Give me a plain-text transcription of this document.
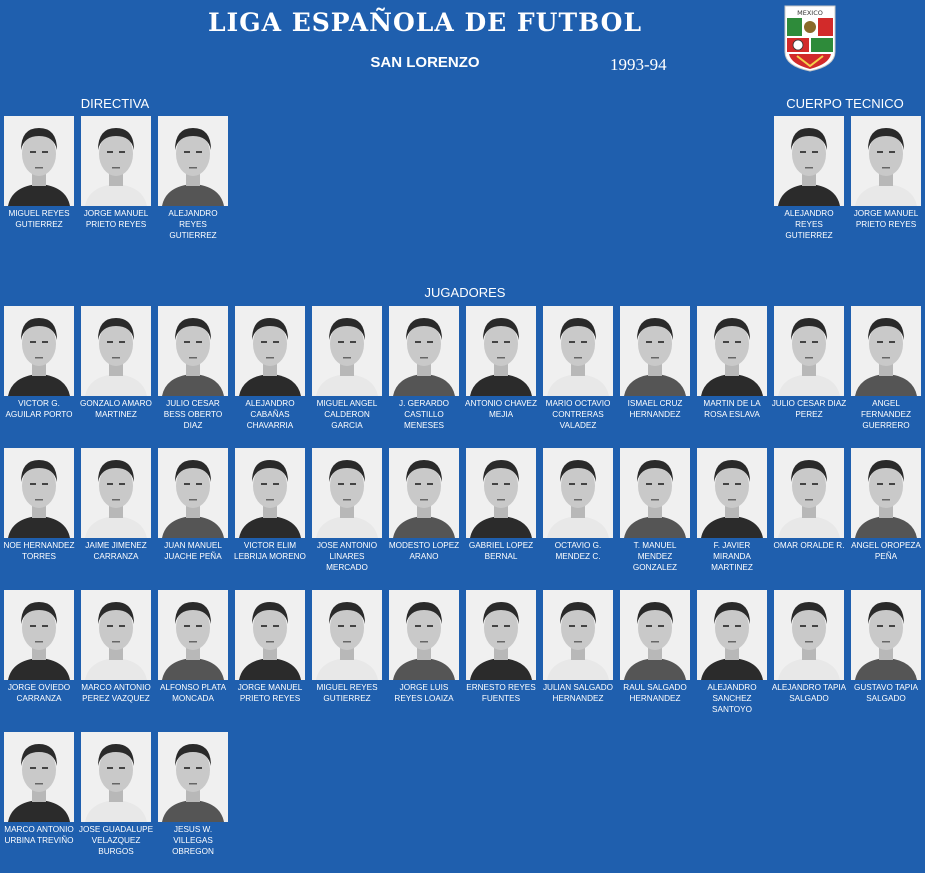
LIGA ESPAÑOLA DE FUTBOL
SAN LORENZO	1993-94
MEXICO
DIRECTIVA	CUERPO TECNICO
JUGADORES
MIGUEL REYES GUTIERREZ
JORGE MANUEL PRIETO REYES
ALEJANDRO REYES GUTIERREZ
ALEJANDRO REYES GUTIERREZ
JORGE MANUEL PRIETO REYES
VICTOR G. AGUILAR PORTO
GONZALO AMARO MARTINEZ
JULIO CESAR BESS OBERTO DIAZ
ALEJANDRO CABAÑAS CHAVARRIA
MIGUEL ANGEL CALDERON GARCIA
J. GERARDO CASTILLO MENESES
ANTONIO CHAVEZ MEJIA
MARIO OCTAVIO CONTRERAS VALADEZ
ISMAEL CRUZ HERNANDEZ
MARTIN DE LA ROSA ESLAVA
JULIO CESAR DIAZ PEREZ
ANGEL FERNANDEZ GUERRERO
NOE HERNANDEZ TORRES
JAIME JIMENEZ CARRANZA
JUAN MANUEL JUACHE PEÑA
VICTOR ELIM LEBRIJA MORENO
JOSE ANTONIO LINARES MERCADO
MODESTO LOPEZ ARANO
GABRIEL LOPEZ BERNAL
OCTAVIO G. MENDEZ C.
T. MANUEL MENDEZ GONZALEZ
F. JAVIER MIRANDA MARTINEZ
OMAR ORALDE R. ANGEL OROPEZA PEÑA
JORGE OVIEDO CARRANZA
MARCO ANTONIO PEREZ VAZQUEZ
ALFONSO PLATA MONCADA
JORGE MANUEL PRIETO REYES
MIGUEL REYES GUTIERREZ
JORGE LUIS REYES LOAIZA
ERNESTO REYES FUENTES
JULIAN SALGADO HERNANDEZ
RAUL SALGADO HERNANDEZ
ALEJANDRO SANCHEZ SANTOYO
ALEJANDRO TAPIA SALGADO
GUSTAVO TAPIA SALGADO
MARCO ANTONIO URBINA TREVIÑO
JOSE GUADALUPE VELAZQUEZ BURGOS
JESUS W. VILLEGAS OBREGON
